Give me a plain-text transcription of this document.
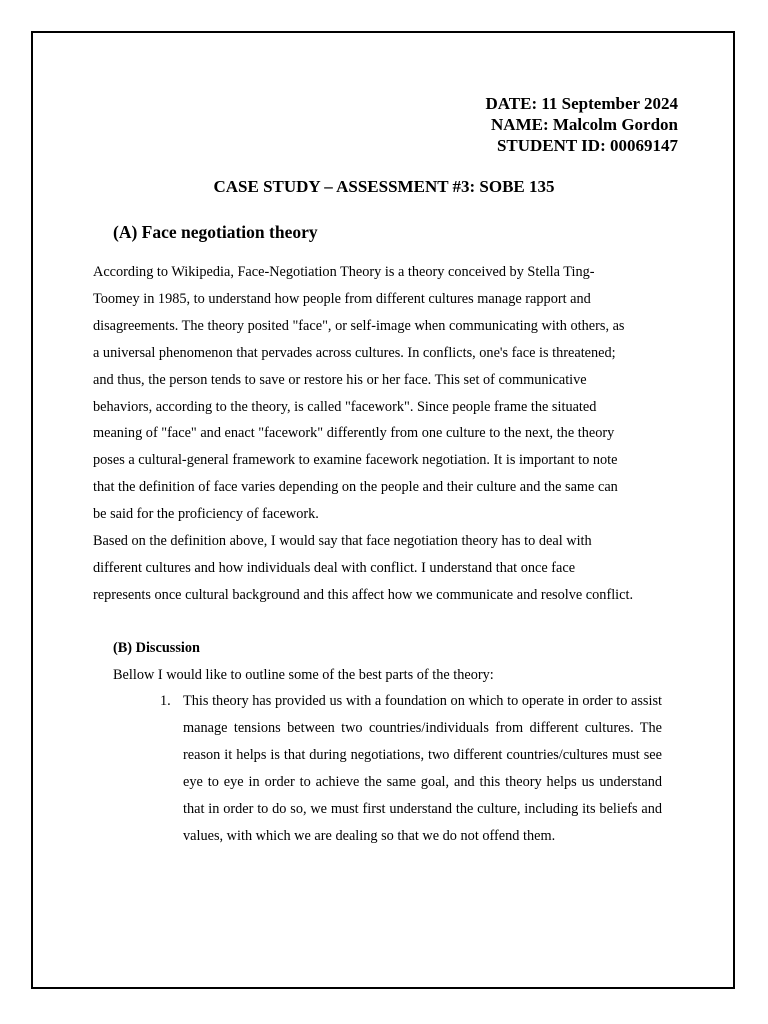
DATE: 11 September 2024
NAME: Malcolm Gordon
STUDENT ID: 00069147
CASE STUDY – ASSESSMENT #3: SOBE 135
(A) Face negotiation theory

According to Wikipedia, Face-Negotiation Theory is a theory conceived by Stella Ting-
Toomey in 1985, to understand how people from different cultures manage rapport and
disagreements. The theory posited "face", or self-image when communicating with others, as
a universal phenomenon that pervades across cultures. In conflicts, one's face is threatened;
and thus, the person tends to save or restore his or her face. This set of communicative
behaviors, according to the theory, is called "facework". Since people frame the situated
meaning of "face" and enact "facework" differently from one culture to the next, the theory
poses a cultural-general framework to examine facework negotiation. It is important to note
that the definition of face varies depending on the people and their culture and the same can
be said for the proficiency of facework.

Based on the definition above, I would say that face negotiation theory has to deal with
different cultures and how individuals deal with conflict. I understand that once face
represents once cultural background and this affect how we communicate and resolve conflict.

(B) Discussion
Bellow I would like to outline some of the best parts of the theory:
1. This theory has provided us with a foundation on which to operate in order to assist manage tensions between two countries/individuals from different cultures. The reason it helps is that during negotiations, two different countries/cultures must see eye to eye in order to achieve the same goal, and this theory helps us understand that in order to do so, we must first understand the culture, including its beliefs and values, with which we are dealing so that we do not offend them.
